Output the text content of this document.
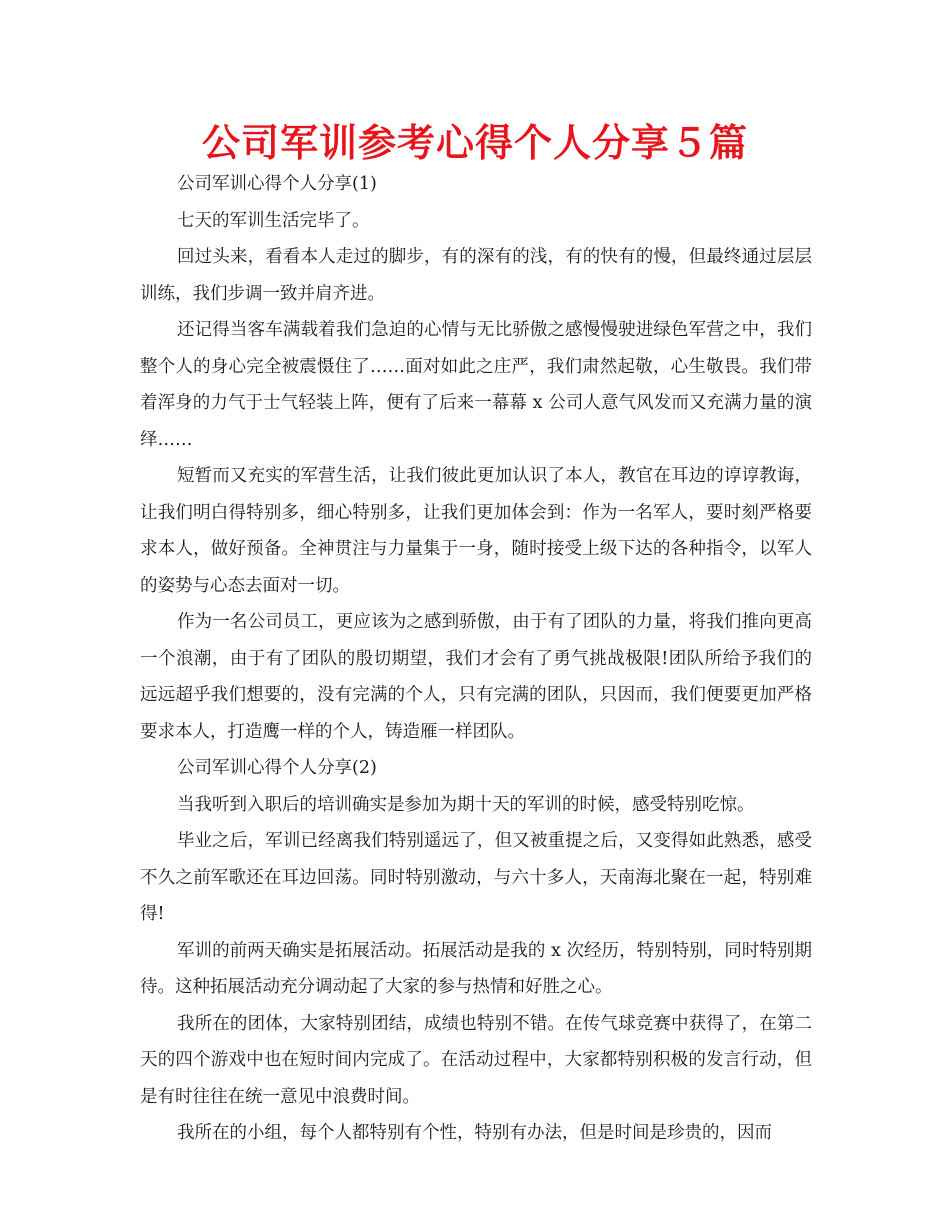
公司军训参考心得个人分享５篇

公司军训心得个人分享(1)

七天的军训生活完毕了。

回过头来，看看本人走过的脚步，有的深有的浅，有的快有的慢，但最终通过层层训练，我们步调一致并肩齐进。

还记得当客车满载着我们急迫的心情与无比骄傲之感慢慢驶进绿色军营之中，我们整个人的身心完全被震慑住了……面对如此之庄严，我们肃然起敬，心生敬畏。我们带着浑身的力气于士气轻装上阵，便有了后来一幕幕 x 公司人意气风发而又充满力量的演绎……

短暂而又充实的军营生活，让我们彼此更加认识了本人，教官在耳边的谆谆教诲，让我们明白得特别多，细心特别多，让我们更加体会到：作为一名军人，要时刻严格要求本人，做好预备。全神贯注与力量集于一身，随时接受上级下达的各种指令，以军人的姿势与心态去面对一切。

作为一名公司员工，更应该为之感到骄傲，由于有了团队的力量，将我们推向更高一个浪潮，由于有了团队的殷切期望，我们才会有了勇气挑战极限!团队所给予我们的远远超乎我们想要的，没有完满的个人，只有完满的团队，只因而，我们便要更加严格要求本人，打造鹰一样的个人，铸造雁一样团队。

公司军训心得个人分享(2)

当我听到入职后的培训确实是参加为期十天的军训的时候，感受特别吃惊。

毕业之后，军训已经离我们特别遥远了，但又被重提之后，又变得如此熟悉，感受不久之前军歌还在耳边回荡。同时特别激动，与六十多人，天南海北聚在一起，特别难得!

军训的前两天确实是拓展活动。拓展活动是我的 x 次经历，特别特别，同时特别期待。这种拓展活动充分调动起了大家的参与热情和好胜之心。

我所在的团体，大家特别团结，成绩也特别不错。在传气球竞赛中获得了，在第二天的四个游戏中也在短时间内完成了。在活动过程中，大家都特别积极的发言行动，但是有时往往在统一意见中浪费时间。

我所在的小组，每个人都特别有个性，特别有办法，但是时间是珍贵的，因而
